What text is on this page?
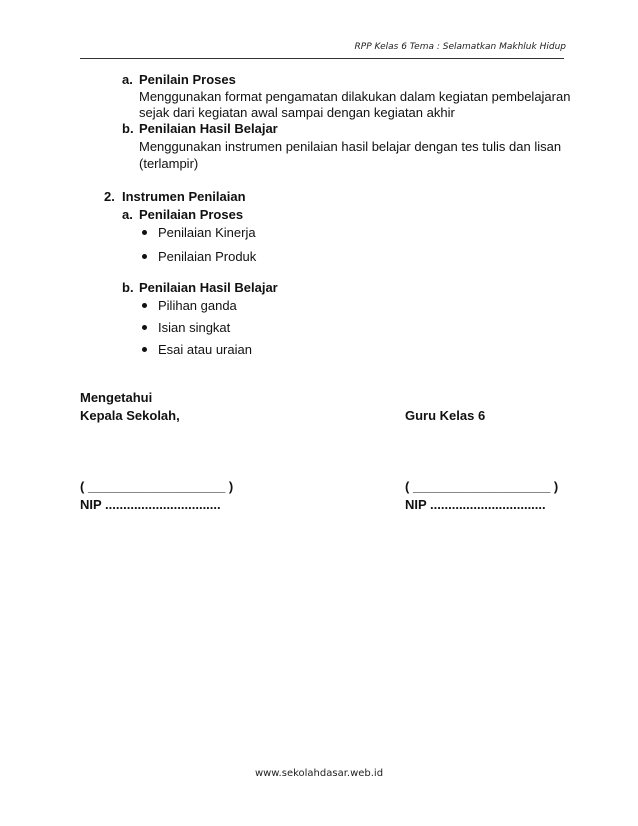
RPP Kelas 6 Tema : Selamatkan Makhluk Hidup
a. Penilain Proses
Menggunakan format pengamatan dilakukan dalam kegiatan pembelajaran
sejak dari kegiatan awal sampai dengan kegiatan akhir
b. Penilaian Hasil Belajar
Menggunakan instrumen penilaian hasil belajar dengan tes tulis dan lisan
(terlampir)
2. Instrumen Penilaian
a. Penilaian Proses
Penilaian Kinerja
Penilaian Produk
b. Penilaian Hasil Belajar
Pilihan ganda
Isian singkat
Esai atau uraian
Mengetahui
Kepala Sekolah,	Guru Kelas 6
( ___________________ )	( ___________________ )
NIP ................................	NIP ................................
www.sekolahdasar.web.id
